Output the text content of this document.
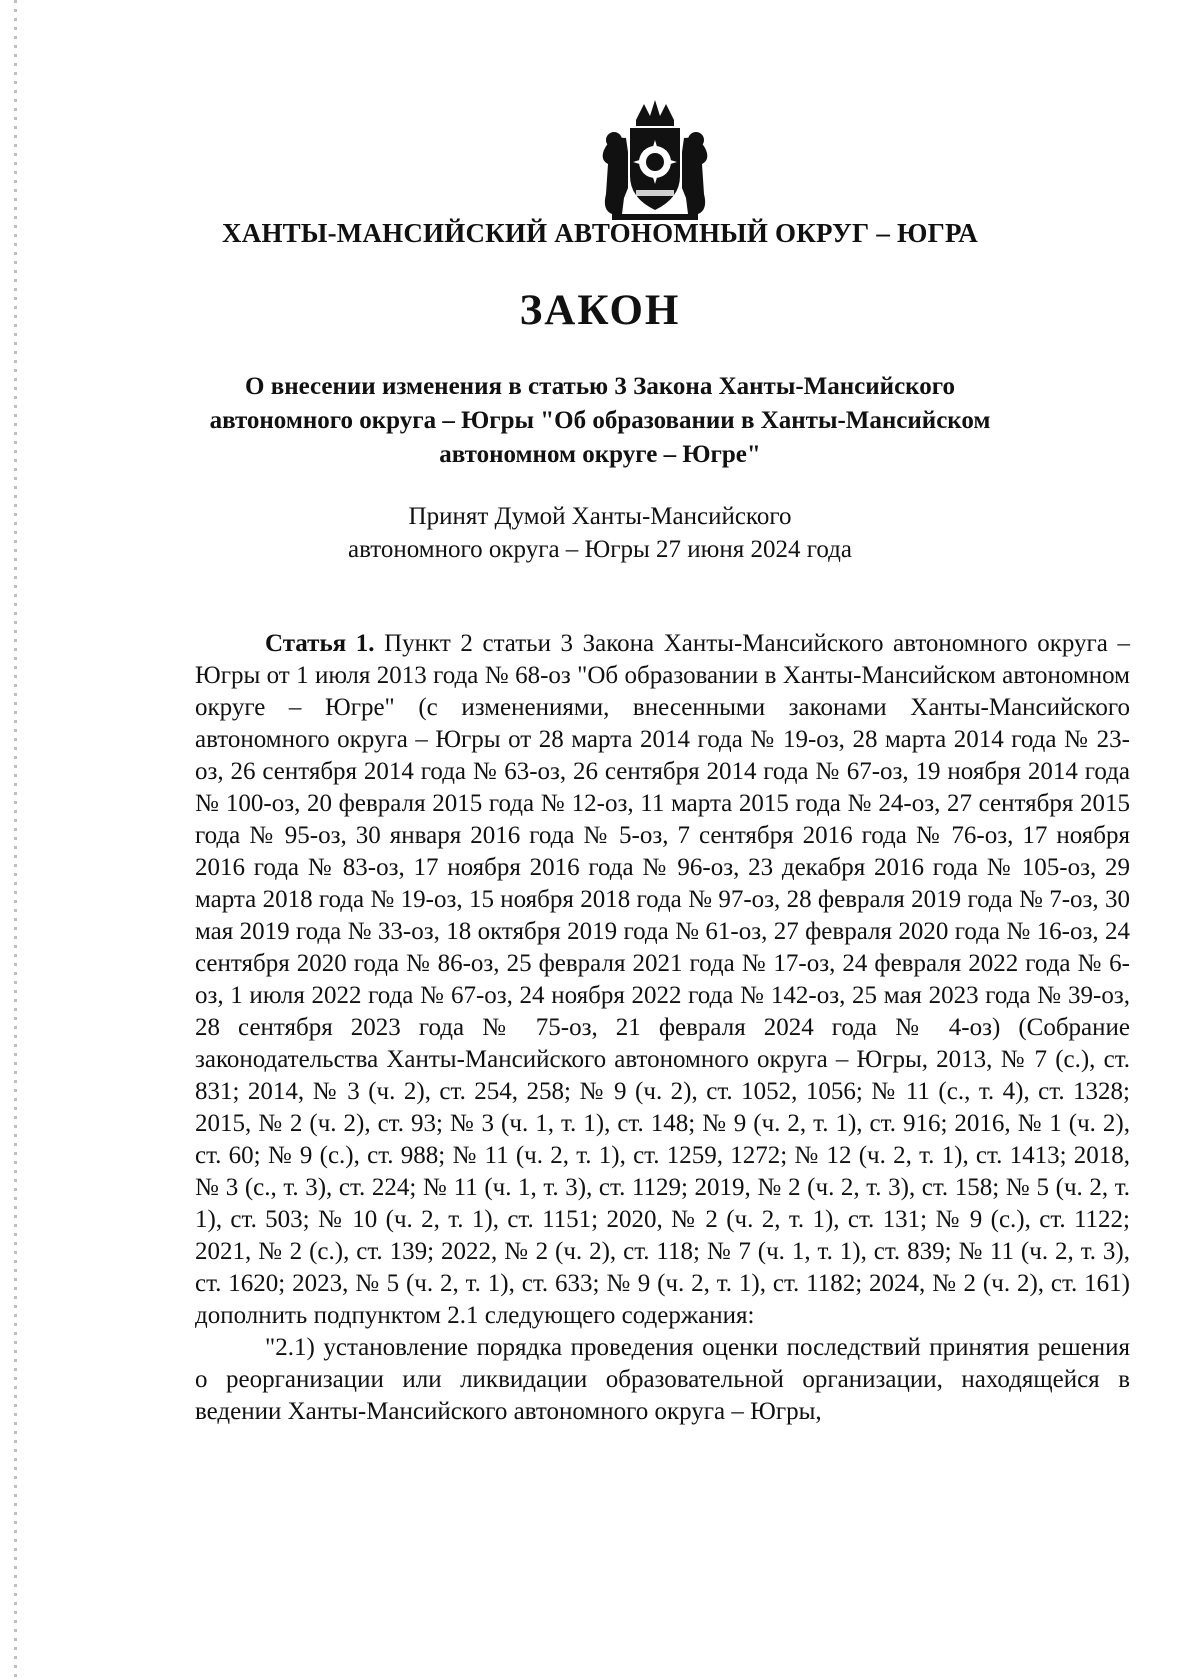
ХАНТЫ-МАНСИЙСКИЙ АВТОНОМНЫЙ ОКРУГ – ЮГРА
ЗАКОН
О внесении изменения в статью 3 Закона Ханты-Мансийского
автономного округа – Югры "Об образовании в Ханты-Мансийском
автономном округе – Югре"
Принят Думой Ханты-Мансийского
автономного округа – Югры 27 июня 2024 года

Статья 1. Пункт 2 статьи 3 Закона Ханты-Мансийского автономного округа – Югры от 1 июля 2013 года № 68-оз "Об образовании в Ханты-Мансийском автономном округе – Югре" (с изменениями, внесенными законами Ханты-Мансийского автономного округа – Югры от 28 марта 2014 года № 19-оз, 28 марта 2014 года № 23-оз, 26 сентября 2014 года № 63-оз, 26 сентября 2014 года № 67-оз, 19 ноября 2014 года № 100-оз, 20 февраля 2015 года № 12-оз, 11 марта 2015 года № 24-оз, 27 сентября 2015 года № 95-оз, 30 января 2016 года № 5-оз, 7 сентября 2016 года № 76-оз, 17 ноября 2016 года № 83-оз, 17 ноября 2016 года № 96-оз, 23 декабря 2016 года № 105-оз, 29 марта 2018 года № 19-оз, 15 ноября 2018 года № 97-оз, 28 февраля 2019 года № 7-оз, 30 мая 2019 года № 33-оз, 18 октября 2019 года № 61-оз, 27 февраля 2020 года № 16-оз, 24 сентября 2020 года № 86-оз, 25 февраля 2021 года № 17-оз, 24 февраля 2022 года № 6-оз, 1 июля 2022 года № 67-оз, 24 ноября 2022 года № 142-оз, 25 мая 2023 года № 39-оз, 28 сентября 2023 года № 75-оз, 21 февраля 2024 года № 4-оз) (Собрание законодательства Ханты-Мансийского автономного округа – Югры, 2013, № 7 (с.), ст. 831; 2014, № 3 (ч. 2), ст. 254, 258; № 9 (ч. 2), ст. 1052, 1056; № 11 (с., т. 4), ст. 1328; 2015, № 2 (ч. 2), ст. 93; № 3 (ч. 1, т. 1), ст. 148; № 9 (ч. 2, т. 1), ст. 916; 2016, № 1 (ч. 2), ст. 60; № 9 (с.), ст. 988; № 11 (ч. 2, т. 1), ст. 1259, 1272; № 12 (ч. 2, т. 1), ст. 1413; 2018, № 3 (с., т. 3), ст. 224; № 11 (ч. 1, т. 3), ст. 1129; 2019, № 2 (ч. 2, т. 3), ст. 158; № 5 (ч. 2, т. 1), ст. 503; № 10 (ч. 2, т. 1), ст. 1151; 2020, № 2 (ч. 2, т. 1), ст. 131; № 9 (с.), ст. 1122; 2021, № 2 (с.), ст. 139; 2022, № 2 (ч. 2), ст. 118; № 7 (ч. 1, т. 1), ст. 839; № 11 (ч. 2, т. 3), ст. 1620; 2023, № 5 (ч. 2, т. 1), ст. 633; № 9 (ч. 2, т. 1), ст. 1182; 2024, № 2 (ч. 2), ст. 161) дополнить подпунктом 2.1 следующего содержания:

"2.1) установление порядка проведения оценки последствий принятия решения о реорганизации или ликвидации образовательной организации, находящейся в ведении Ханты-Мансийского автономного округа – Югры,
